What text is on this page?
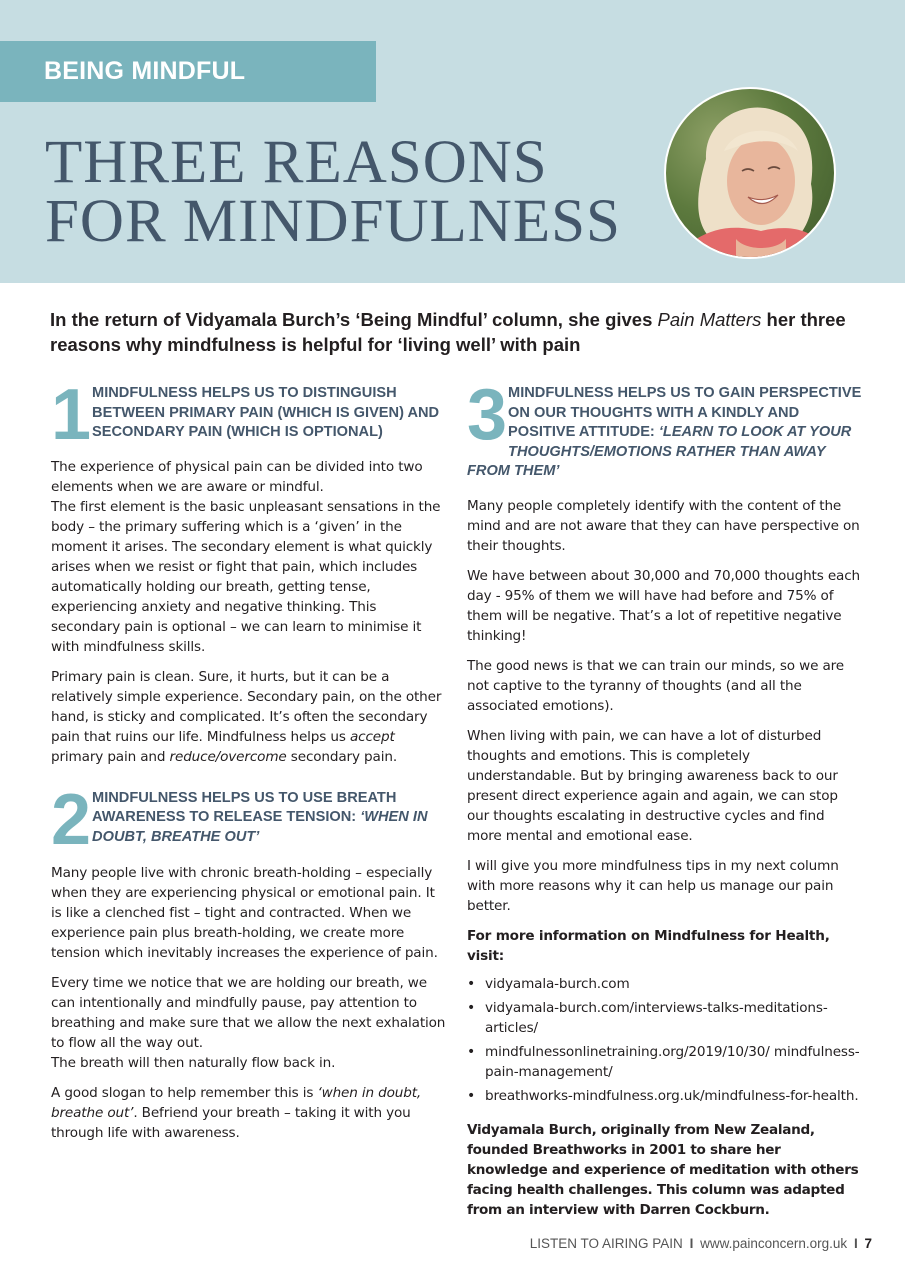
BEING MINDFUL
THREE REASONS
FOR MINDFULNESS

In the return of Vidyamala Burch’s ‘Being Mindful’ column, she gives Pain Matters her three reasons why mindfulness is helpful for ‘living well’ with pain

1 MINDFULNESS HELPS US TO DISTINGUISH BETWEEN PRIMARY PAIN (WHICH IS GIVEN) AND SECONDARY PAIN (WHICH IS OPTIONAL)

The experience of physical pain can be divided into two elements when we are aware or mindful.
The first element is the basic unpleasant sensations in the body – the primary suffering which is a ‘given’ in the moment it arises. The secondary element is what quickly arises when we resist or fight that pain, which includes automatically holding our breath, getting tense, experiencing anxiety and negative thinking. This secondary pain is optional – we can learn to minimise it with mindfulness skills.

Primary pain is clean. Sure, it hurts, but it can be a relatively simple experience. Secondary pain, on the other hand, is sticky and complicated. It’s often the secondary pain that ruins our life. Mindfulness helps us accept primary pain and reduce/overcome secondary pain.

2 MINDFULNESS HELPS US TO USE BREATH AWARENESS TO RELEASE TENSION: ‘WHEN IN DOUBT, BREATHE OUT’

Many people live with chronic breath-holding – especially when they are experiencing physical or emotional pain. It is like a clenched fist – tight and contracted. When we experience pain plus breath-holding, we create more tension which inevitably increases the experience of pain.

Every time we notice that we are holding our breath, we can intentionally and mindfully pause, pay attention to breathing and make sure that we allow the next exhalation to flow all the way out.
The breath will then naturally flow back in.

A good slogan to help remember this is ‘when in doubt, breathe out’. Befriend your breath – taking it with you through life with awareness.

3 MINDFULNESS HELPS US TO GAIN PERSPECTIVE ON OUR THOUGHTS WITH A KINDLY AND POSITIVE ATTITUDE: ‘LEARN TO LOOK AT YOUR THOUGHTS/EMOTIONS RATHER THAN AWAY FROM THEM’

Many people completely identify with the content of the mind and are not aware that they can have perspective on their thoughts.

We have between about 30,000 and 70,000 thoughts each day - 95% of them we will have had before and 75% of them will be negative. That’s a lot of repetitive negative thinking!

The good news is that we can train our minds, so we are not captive to the tyranny of thoughts (and all the associated emotions).

When living with pain, we can have a lot of disturbed thoughts and emotions. This is completely understandable. But by bringing awareness back to our present direct experience again and again, we can stop our thoughts escalating in destructive cycles and find more mental and emotional ease.

I will give you more mindfulness tips in my next column with more reasons why it can help us manage our pain better.

For more information on Mindfulness for Health, visit:

• vidyamala-burch.com
• vidyamala-burch.com/interviews-talks-meditations-articles/
• mindfulnessonlinetraining.org/2019/10/30/ mindfulness-pain-management/
• breathworks-mindfulness.org.uk/mindfulness-for-health.

Vidyamala Burch, originally from New Zealand, founded Breathworks in 2001 to share her knowledge and experience of meditation with others facing health challenges. This column was adapted from an interview with Darren Cockburn.

LISTEN TO AIRING PAIN I www.painconcern.org.uk I 7
